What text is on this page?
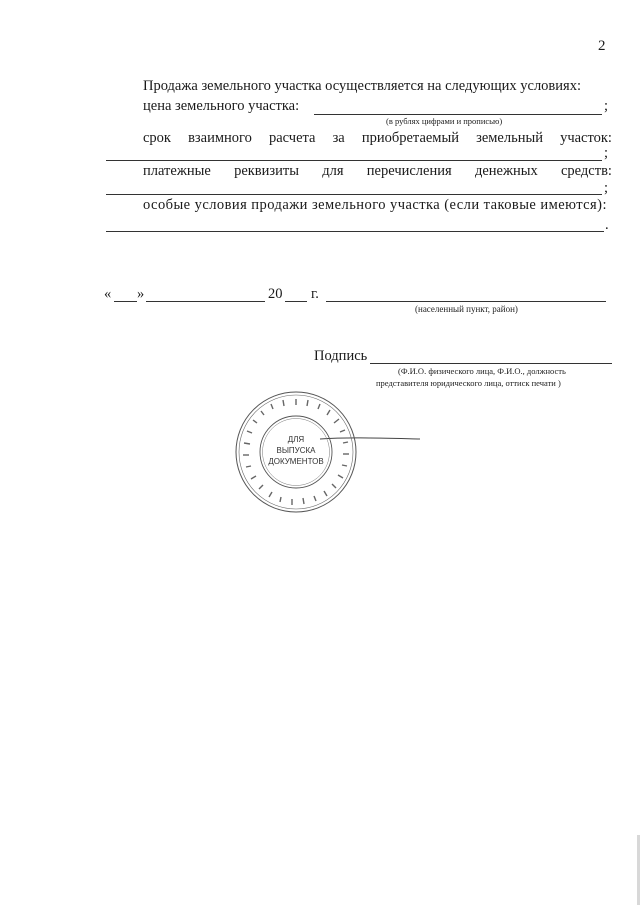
2
Продажа земельного участка осуществляется на следующих условиях:
цена земельного участка:	;
(в рублях цифрами и прописью)
срок взаимного расчета за приобретаемый земельный участок:
;
платежные реквизиты для перечисления денежных средств:
;
особые условия продажи земельного участка (если таковые имеются):
.
« »	20 г.
(населенный пункт, район)
Подпись
(Ф.И.О. физического лица, Ф.И.О., должность
представителя юридического лица, оттиск печати )
ДЛЯ
ВЫПУСКА
ДОКУМЕНТОВ
